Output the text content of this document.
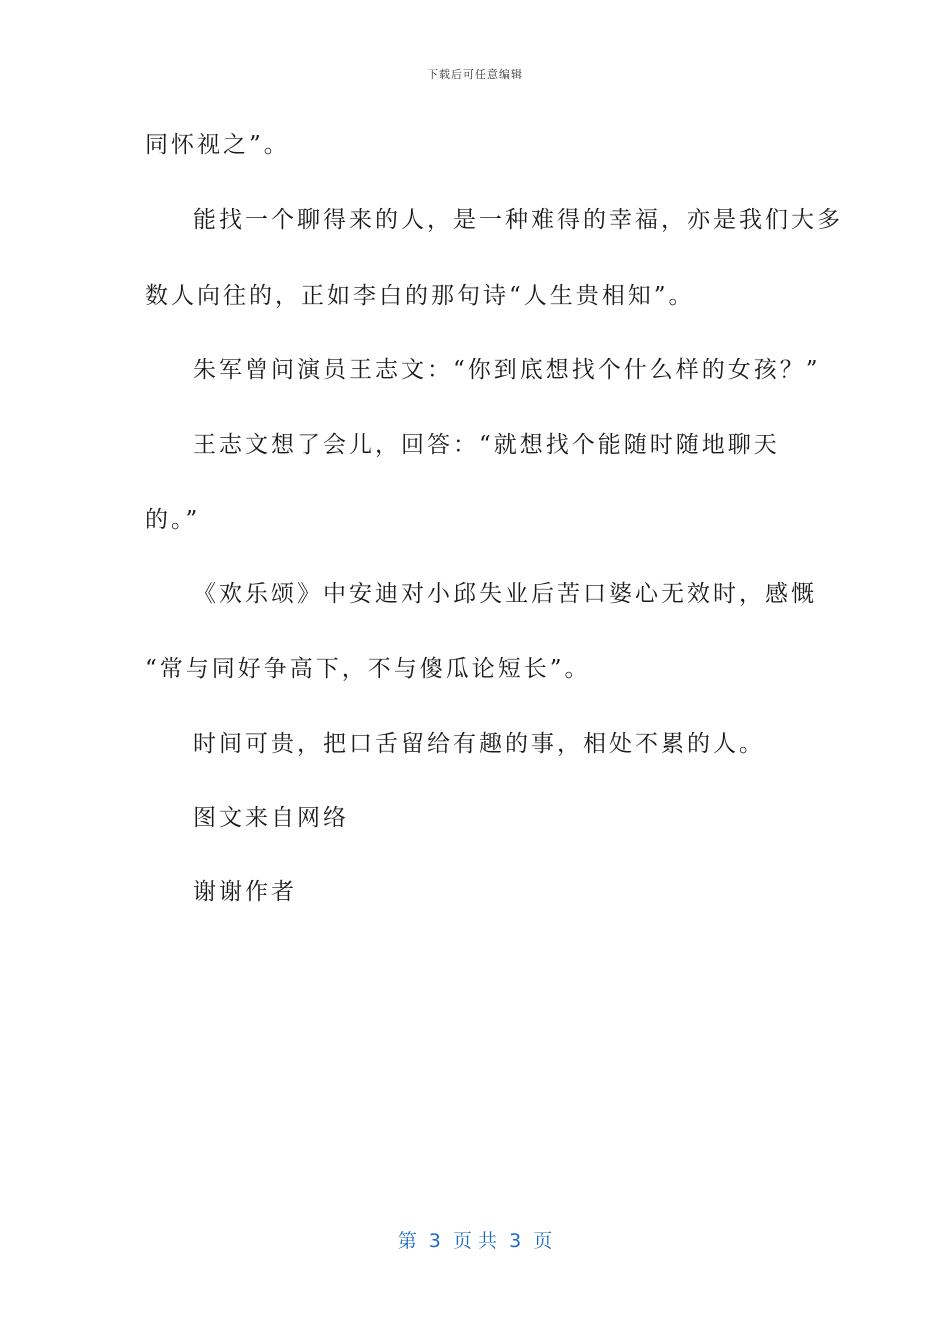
下载后可任意编辑
同怀视之”。
能找一个聊得来的人，是一种难得的幸福，亦是我们大多
数人向往的，正如李白的那句诗“人生贵相知”。
朱军曾问演员王志文：“你到底想找个什么样的女孩？”
王志文想了会儿，回答：“就想找个能随时随地聊天
的。”
《欢乐颂》中安迪对小邱失业后苦口婆心无效时，感慨
“常与同好争高下，不与傻瓜论短长”。
时间可贵，把口舌留给有趣的事，相处不累的人。
图文来自网络
谢谢作者
第  3  页 共  3  页
